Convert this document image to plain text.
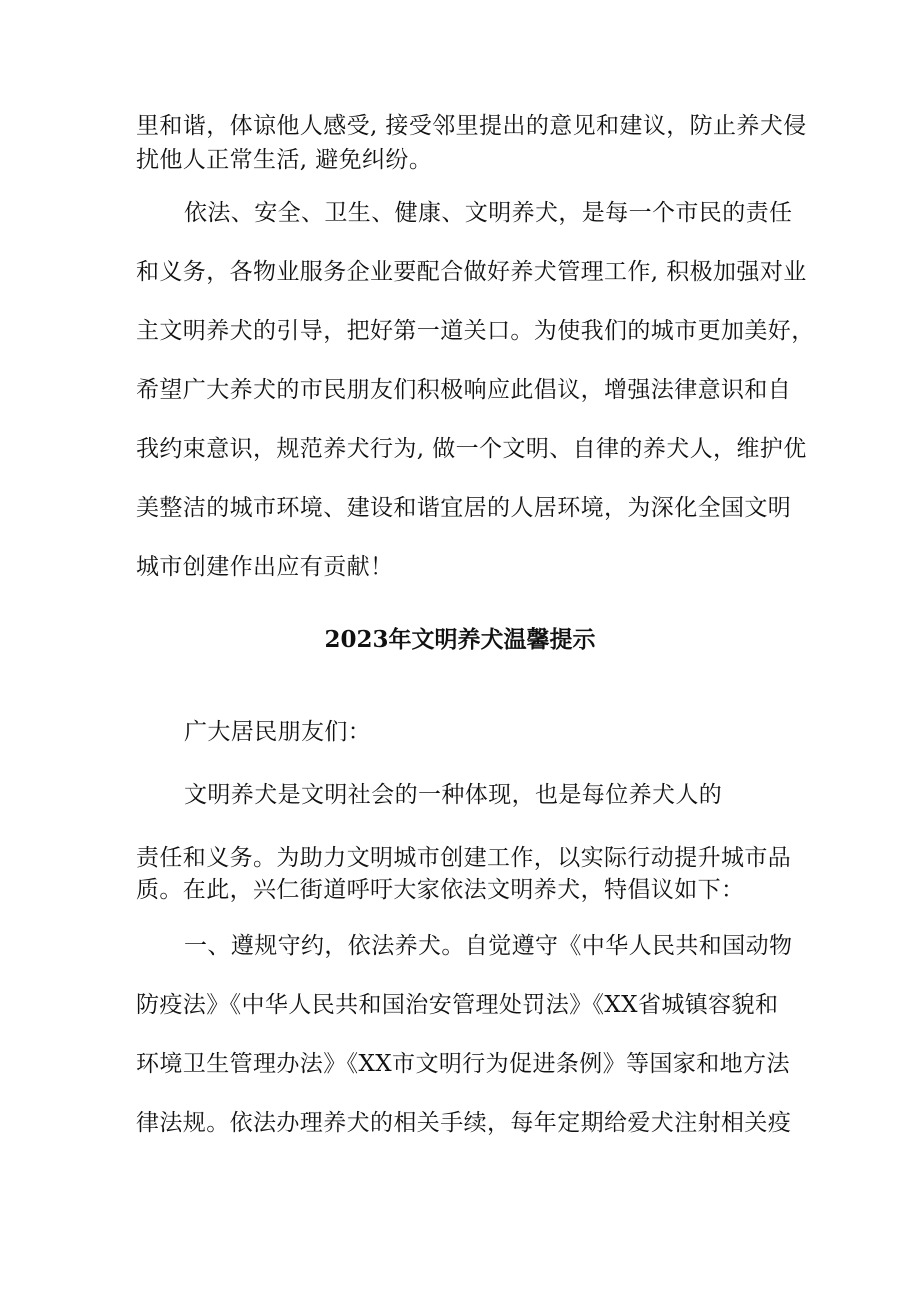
里和谐，体谅他人感受, 接受邻里提出的意见和建议，防止养犬侵

扰他人正常生活, 避免纠纷。

依法、安全、卫生、健康、文明养犬，是每一个市民的责任

和义务，各物业服务企业要配合做好养犬管理工作, 积极加强对业

主文明养犬的引导，把好第一道关口。为使我们的城市更加美好，

希望广大养犬的市民朋友们积极响应此倡议，增强法律意识和自

我约束意识，规范养犬行为, 做一个文明、自律的养犬人，维护优

美整洁的城市环境、建设和谐宜居的人居环境，为深化全国文明

城市创建作出应有贡献！

2023年文明养犬温馨提示

广大居民朋友们：

文明养犬是文明社会的一种体现，也是每位养犬人的

责任和义务。为助力文明城市创建工作，以实际行动提升城市品

质。在此，兴仁街道呼吁大家依法文明养犬，特倡议如下：

一、遵规守约，依法养犬。自觉遵守《中华人民共和国动物

防疫法》《中华人民共和国治安管理处罚法》《XX省城镇容貌和

环境卫生管理办法》《XX市文明行为促进条例》等国家和地方法

律法规。依法办理养犬的相关手续，每年定期给爱犬注射相关疫
